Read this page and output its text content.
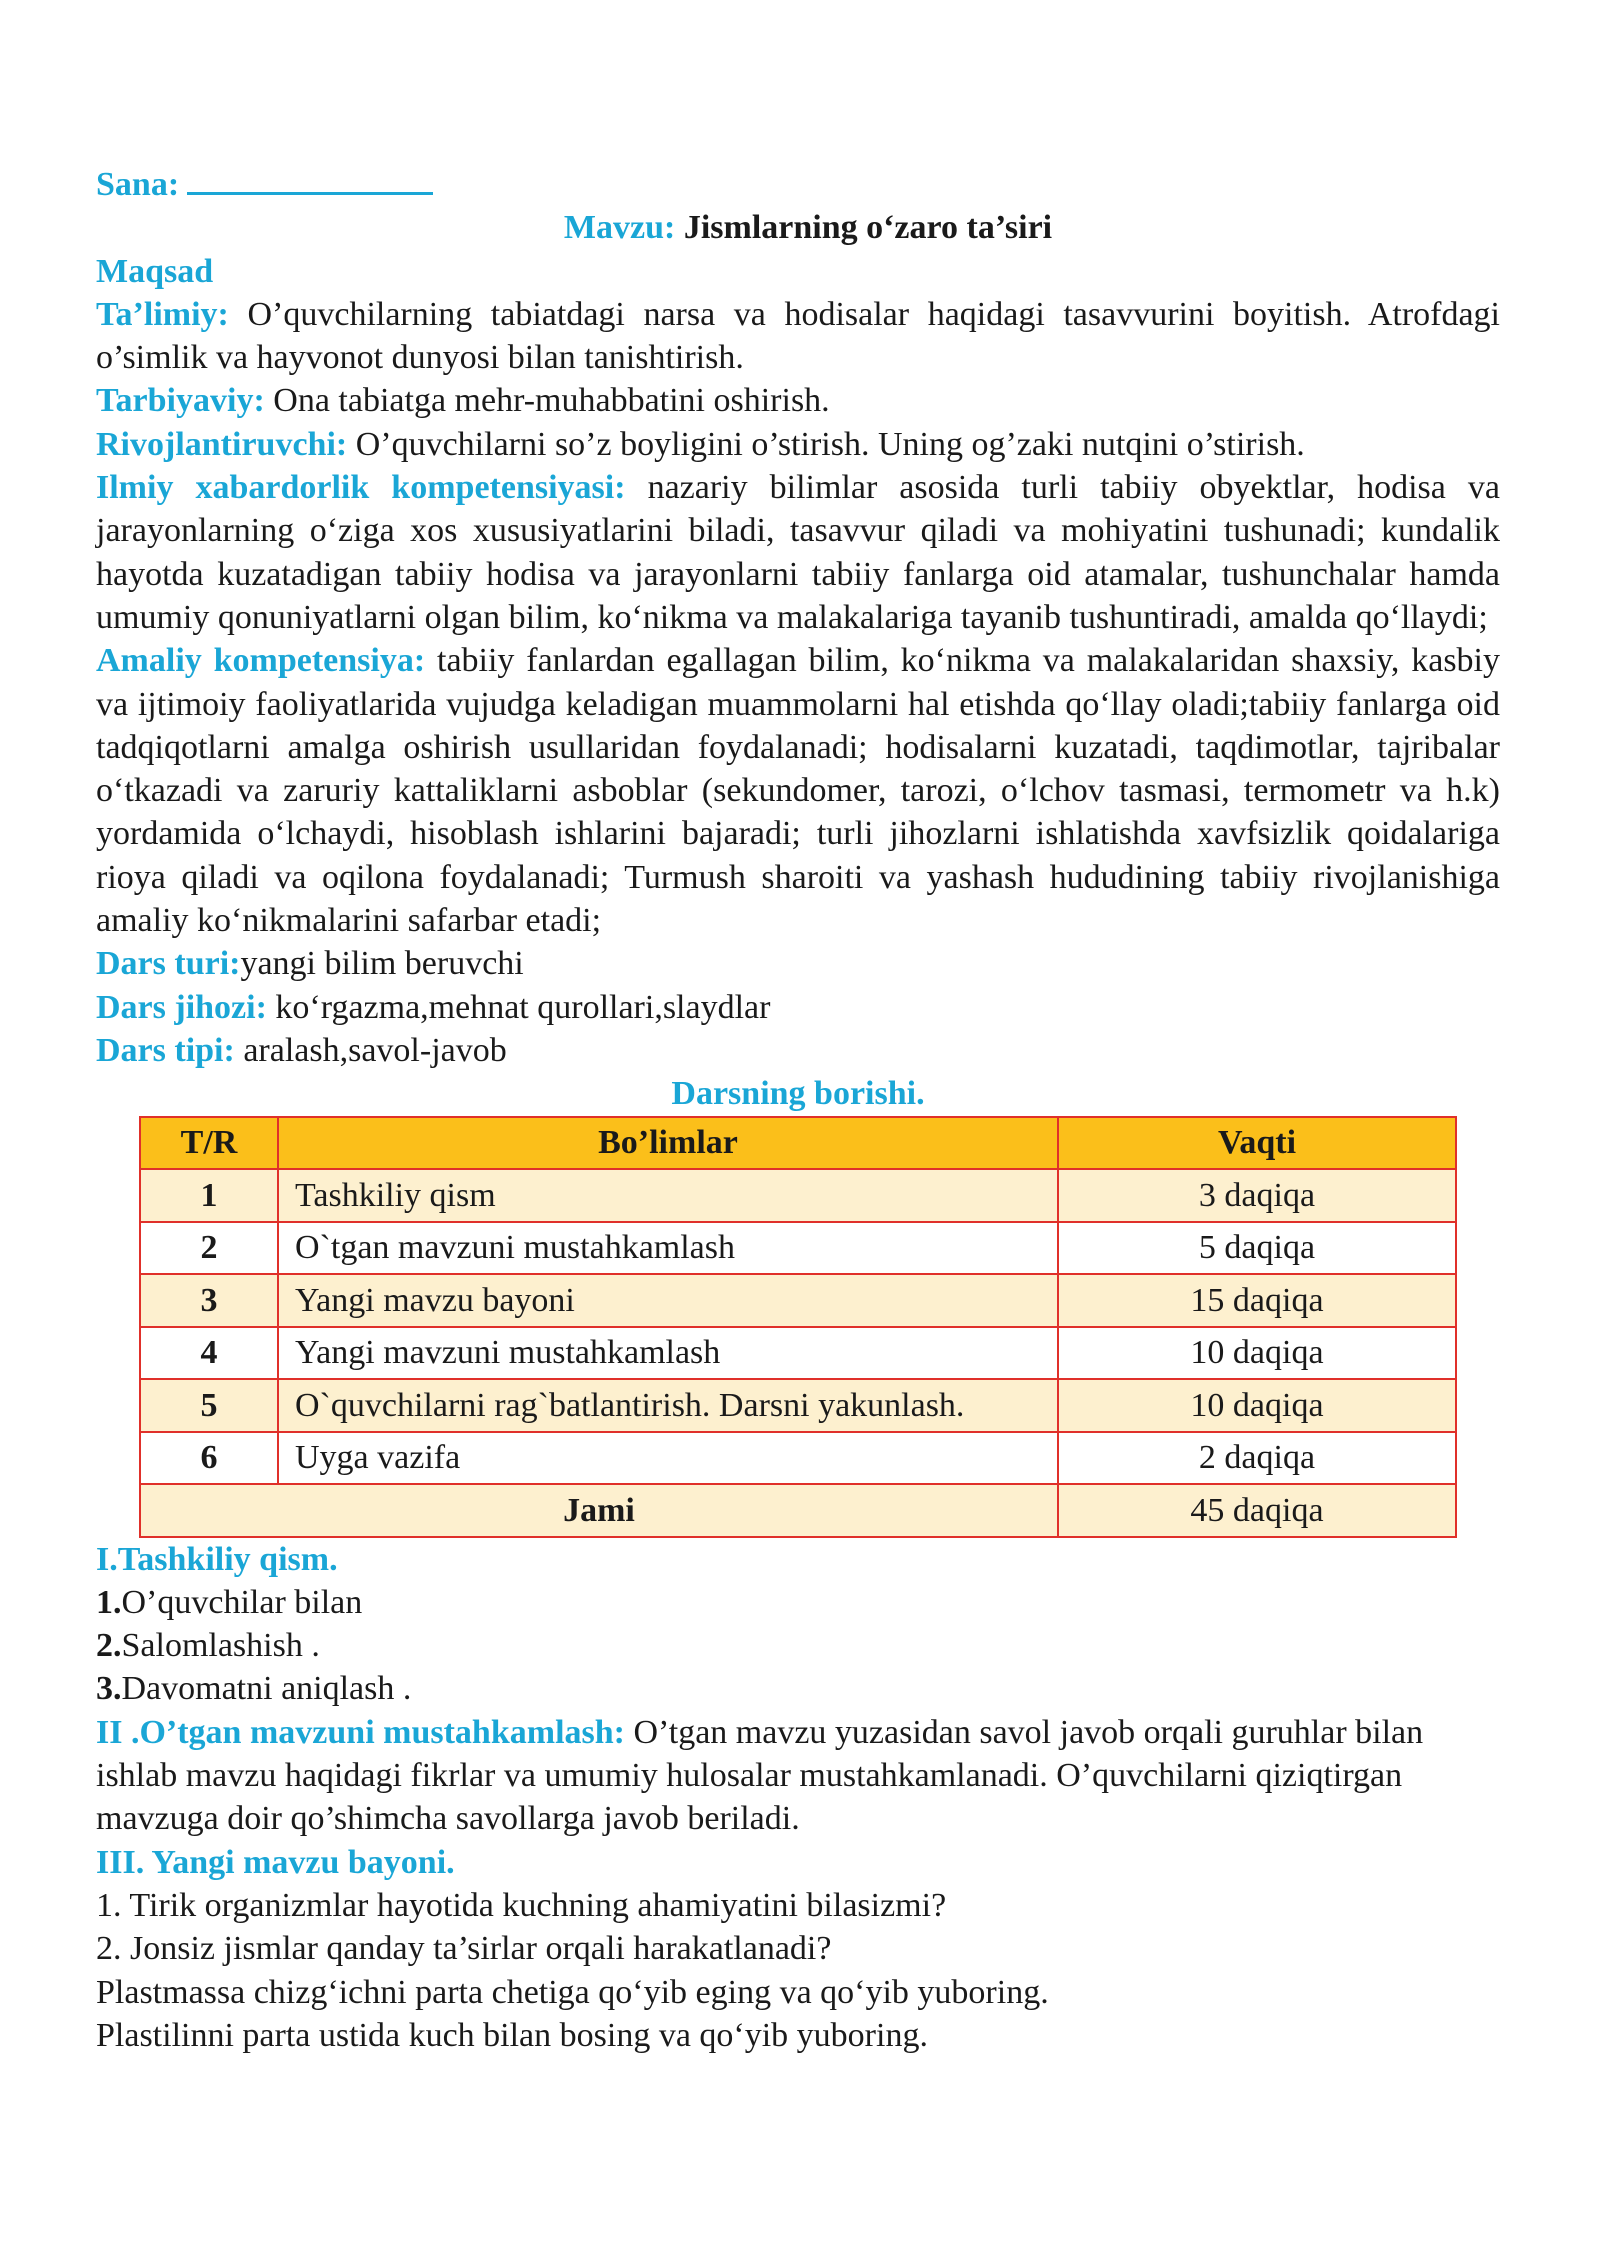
Sana:

Mavzu: Jismlarning o‘zaro ta’siri

Maqsad

Ta’limiy: O’quvchilarning tabiatdagi narsa va hodisalar haqidagi tasavvurini boyitish. Atrofdagi o’simlik va hayvonot dunyosi bilan tanishtirish.

Tarbiyaviy: Ona tabiatga mehr-muhabbatini oshirish.

Rivojlantiruvchi: O’quvchilarni so’z boyligini o’stirish. Uning og’zaki nutqini o’stirish.

Ilmiy xabardorlik kompetensiyasi: nazariy bilimlar asosida turli tabiiy obyektlar, hodisa va jarayonlarning o‘ziga xos xususiyatlarini biladi, tasavvur qiladi va mohiyatini tushunadi; kundalik hayotda kuzatadigan tabiiy hodisa va jarayonlarni tabiiy fanlarga oid atamalar, tushunchalar hamda umumiy qonuniyatlarni olgan bilim, ko‘nikma va malakalariga tayanib tushuntiradi, amalda qo‘llaydi;

Amaliy kompetensiya: tabiiy fanlardan egallagan bilim, ko‘nikma va malakalaridan shaxsiy, kasbiy va ijtimoiy faoliyatlarida vujudga keladigan muammolarni hal etishda qo‘llay oladi;tabiiy fanlarga oid tadqiqotlarni amalga oshirish usullaridan foydalanadi; hodisalarni kuzatadi, taqdimotlar, tajribalar o‘tkazadi va zaruriy kattaliklarni asboblar (sekundomer, tarozi, o‘lchov tasmasi, termometr va h.k) yordamida o‘lchaydi, hisoblash ishlarini bajaradi; turli jihozlarni ishlatishda xavfsizlik qoidalariga rioya qiladi va oqilona foydalanadi; Turmush sharoiti va yashash hududining tabiiy rivojlanishiga amaliy ko‘nikmalarini safarbar etadi;

Dars turi:yangi bilim beruvchi

Dars jihozi: ko‘rgazma,mehnat qurollari,slaydlar

Dars tipi: aralash,savol-javob

Darsning borishi.

T/R	Bo’limlar	Vaqti
1	Tashkiliy qism	3 daqiqa
2	O`tgan mavzuni mustahkamlash	5 daqiqa
3	Yangi mavzu bayoni	15 daqiqa
4	Yangi mavzuni mustahkamlash	10 daqiqa
5	O`quvchilarni rag`batlantirish. Darsni yakunlash.	10 daqiqa
6	Uyga vazifa	2 daqiqa
Jami		45 daqiqa

I.Tashkiliy qism.

1.O’quvchilar bilan

2.Salomlashish .

3.Davomatni aniqlash .

II .O’tgan mavzuni mustahkamlash: O’tgan mavzu yuzasidan savol javob orqali guruhlar bilan ishlab mavzu haqidagi fikrlar va umumiy hulosalar mustahkamlanadi. O’quvchilarni qiziqtirgan mavzuga doir qo’shimcha savollarga javob beriladi.

III. Yangi mavzu bayoni.

1. Tirik organizmlar hayotida kuchning ahamiyatini bilasizmi?

2. Jonsiz jismlar qanday ta’sirlar orqali harakatlanadi?

Plastmassa chizg‘ichni parta chetiga qo‘yib eging va qo‘yib yuboring.

Plastilinni parta ustida kuch bilan bosing va qo‘yib yuboring.
